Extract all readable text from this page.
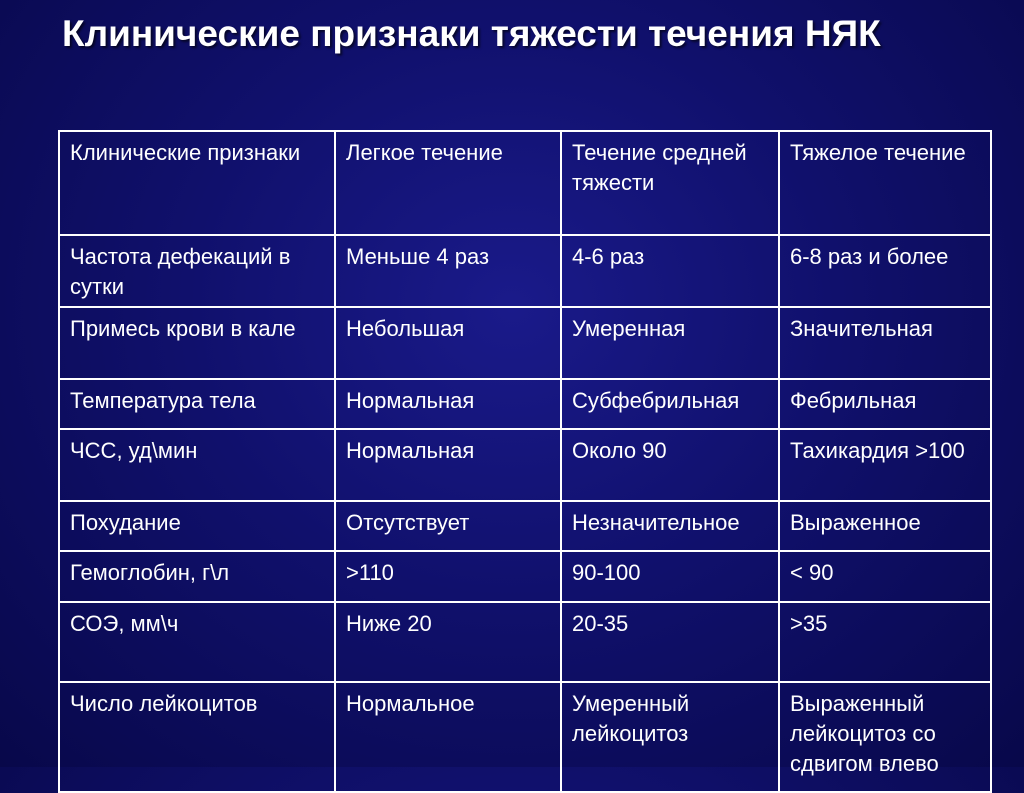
Клинические признаки тяжести течения НЯК
Клинические признаки	Легкое течение	Течение средней тяжести	Тяжелое течение
Частота дефекаций в сутки	Меньше 4 раз	4-6 раз	6-8 раз и более
Примесь крови в кале	Небольшая	Умеренная	Значительная
Температура тела	Нормальная	Субфебрильная	Фебрильная
ЧСС, уд\мин	Нормальная	Около 90	Тахикардия >100
Похудание	Отсутствует	Незначительное	Выраженное
Гемоглобин, г\л	>110	90-100	< 90
СОЭ, мм\ч	Ниже 20	20-35	>35
Число лейкоцитов	Нормальное	Умеренный лейкоцитоз	Выраженный лейкоцитоз со сдвигом влево
